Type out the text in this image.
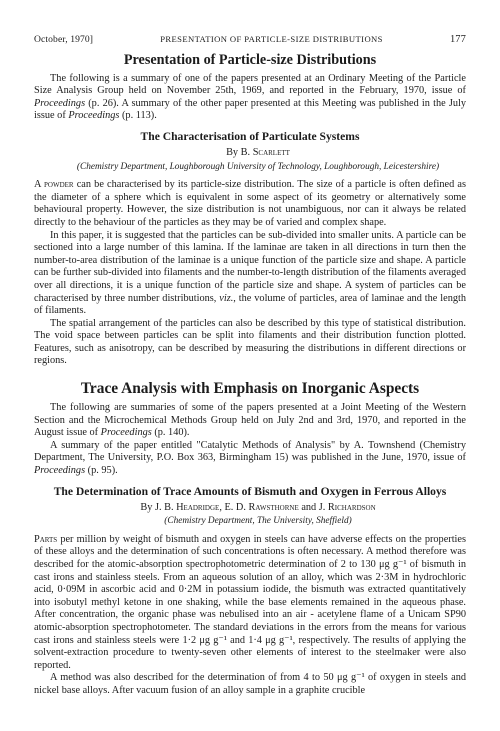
October, 1970]	PRESENTATION OF PARTICLE-SIZE DISTRIBUTIONS	177
Presentation of Particle-size Distributions

The following is a summary of one of the papers presented at an Ordinary Meeting of the Particle Size Analysis Group held on November 25th, 1969, and reported in the February, 1970, issue of Proceedings (p. 26). A summary of the other paper presented at this Meeting was published in the July issue of Proceedings (p. 113).

The Characterisation of Particulate Systems

By B. Scarlett

(Chemistry Department, Loughborough University of Technology, Loughborough, Leicestershire)

A powder can be characterised by its particle-size distribution. The size of a particle is often defined as the diameter of a sphere which is equivalent in some aspect of its geometry or alternatively some behavioural property. However, the size distribution is not unambiguous, nor can it always be related directly to the behaviour of the particles as they may be of varied and complex shape.

In this paper, it is suggested that the particles can be sub-divided into smaller units. A particle can be sectioned into a large number of this lamina. If the laminae are taken in all directions in turn then the number-to-area distribution of the laminae is a unique function of the particle size and shape. A particle can be further sub-divided into filaments and the number-to-length distribution of the filaments averaged over all directions, it is a unique function of the particle size and shape. A system of particles can be characterised by three number distributions, viz., the volume of particles, area of laminae and the length of filaments.

The spatial arrangement of the particles can also be described by this type of statistical distribution. The void space between particles can be split into filaments and their distribution function plotted. Features, such as anisotropy, can be described by measuring the distributions in different directions or regions.

Trace Analysis with Emphasis on Inorganic Aspects

The following are summaries of some of the papers presented at a Joint Meeting of the Western Section and the Microchemical Methods Group held on July 2nd and 3rd, 1970, and reported in the August issue of Proceedings (p. 140).

A summary of the paper entitled "Catalytic Methods of Analysis" by A. Townshend (Chemistry Department, The University, P.O. Box 363, Birmingham 15) was published in the June, 1970, issue of Proceedings (p. 95).

The Determination of Trace Amounts of Bismuth and Oxygen in Ferrous Alloys

By J. B. Headridge, E. D. Rawsthorne and J. Richardson

(Chemistry Department, The University, Sheffield)

Parts per million by weight of bismuth and oxygen in steels can have adverse effects on the properties of these alloys and the determination of such concentrations is often necessary. A method therefore was described for the atomic-absorption spectrophotometric determination of 2 to 130 μg g⁻¹ of bismuth in cast irons and stainless steels. From an aqueous solution of an alloy, which was 2·3M in hydrochloric acid, 0·09M in ascorbic acid and 0·2M in potassium iodide, the bismuth was extracted quantitatively into isobutyl methyl ketone in one shaking, while the base elements remained in the aqueous phase. After concentration, the organic phase was nebulised into an air - acetylene flame of a Unicam SP90 atomic-absorption spectrophotometer. The standard deviations in the errors from the means for various cast irons and stainless steels were 1·2 μg g⁻¹ and 1·4 μg g⁻¹, respectively. The results of applying the solvent-extraction procedure to twenty-seven other elements of interest to the steelmaker were also reported.

A method was also described for the determination of from 4 to 50 μg g⁻¹ of oxygen in steels and nickel base alloys. After vacuum fusion of an alloy sample in a graphite crucible
